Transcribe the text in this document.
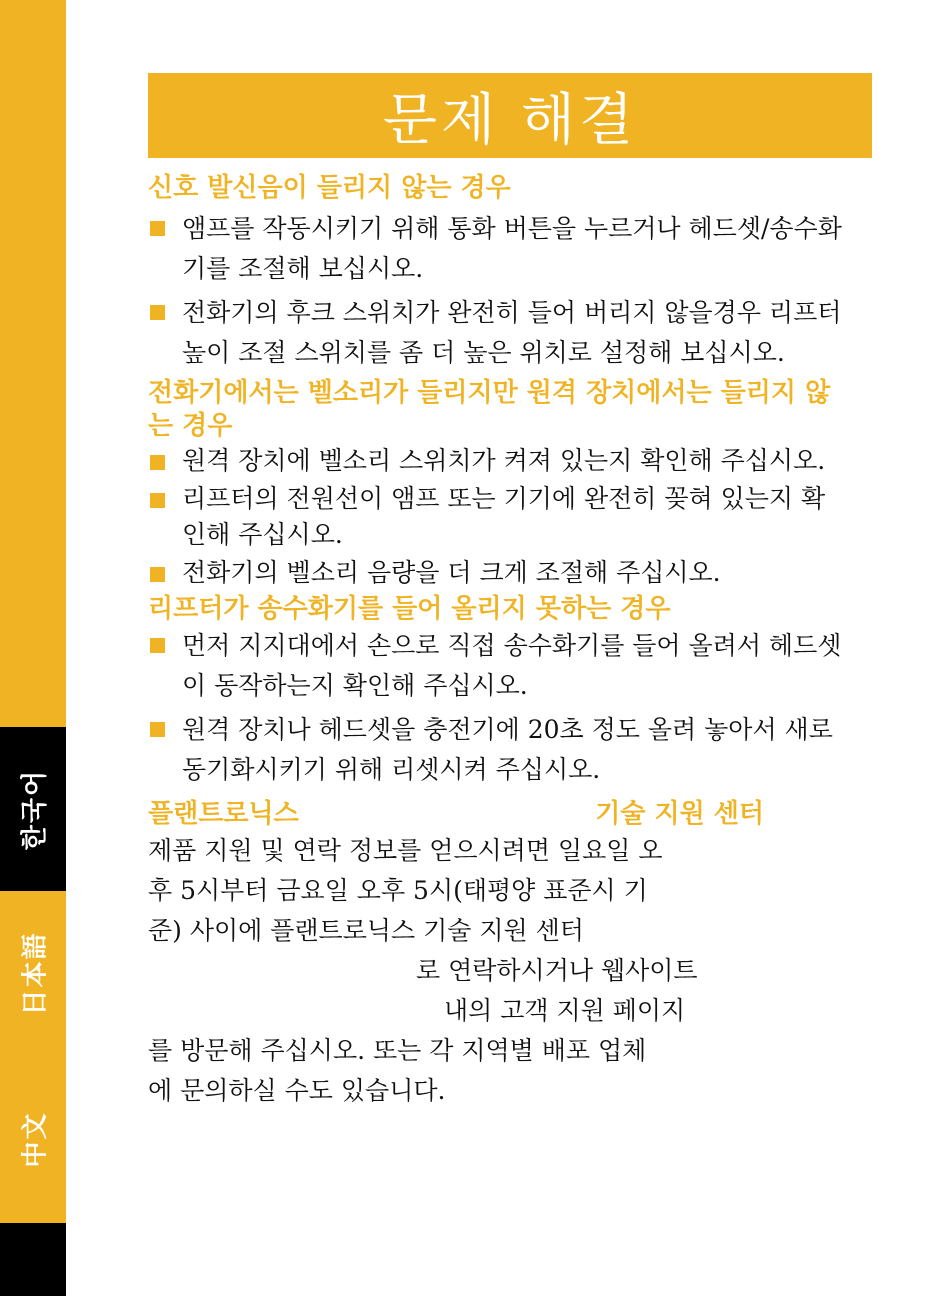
한국어
日本語
中文
문제 해결
신호 발신음이 들리지 않는 경우
앰프를 작동시키기 위해 통화 버튼을 누르거나 헤드셋/송수화기를 조절해 보십시오.
전화기의 후크 스위치가 완전히 들어 버리지 않을경우 리프터 높이 조절 스위치를 좀 더 높은 위치로 설정해 보십시오.
전화기에서는 벨소리가 들리지만 원격 장치에서는 들리지 않는 경우
원격 장치에 벨소리 스위치가 켜져 있는지 확인해 주십시오.
리프터의 전원선이 앰프 또는 기기에 완전히 꽂혀 있는지 확인해 주십시오.
전화기의 벨소리 음량을 더 크게 조절해 주십시오.
리프터가 송수화기를 들어 올리지 못하는 경우
먼저 지지대에서 손으로 직접 송수화기를 들어 올려서 헤드셋이 동작하는지 확인해 주십시오.
원격 장치나 헤드셋을 충전기에 20초 정도 올려 놓아서 새로 동기화시키기 위해 리셋시켜 주십시오.
플랜트로닉스	기술 지원 센터

제품 지원 및 연락 정보를 얻으시려면 일요일 오
후 5시부터 금요일 오후 5시(태평양 표준시 기
준) 사이에 플랜트로닉스 기술 지원 센터
로 연락하시거나 웹사이트
내의 고객 지원 페이지
를 방문해 주십시오. 또는 각 지역별 배포 업체
에 문의하실 수도 있습니다.
